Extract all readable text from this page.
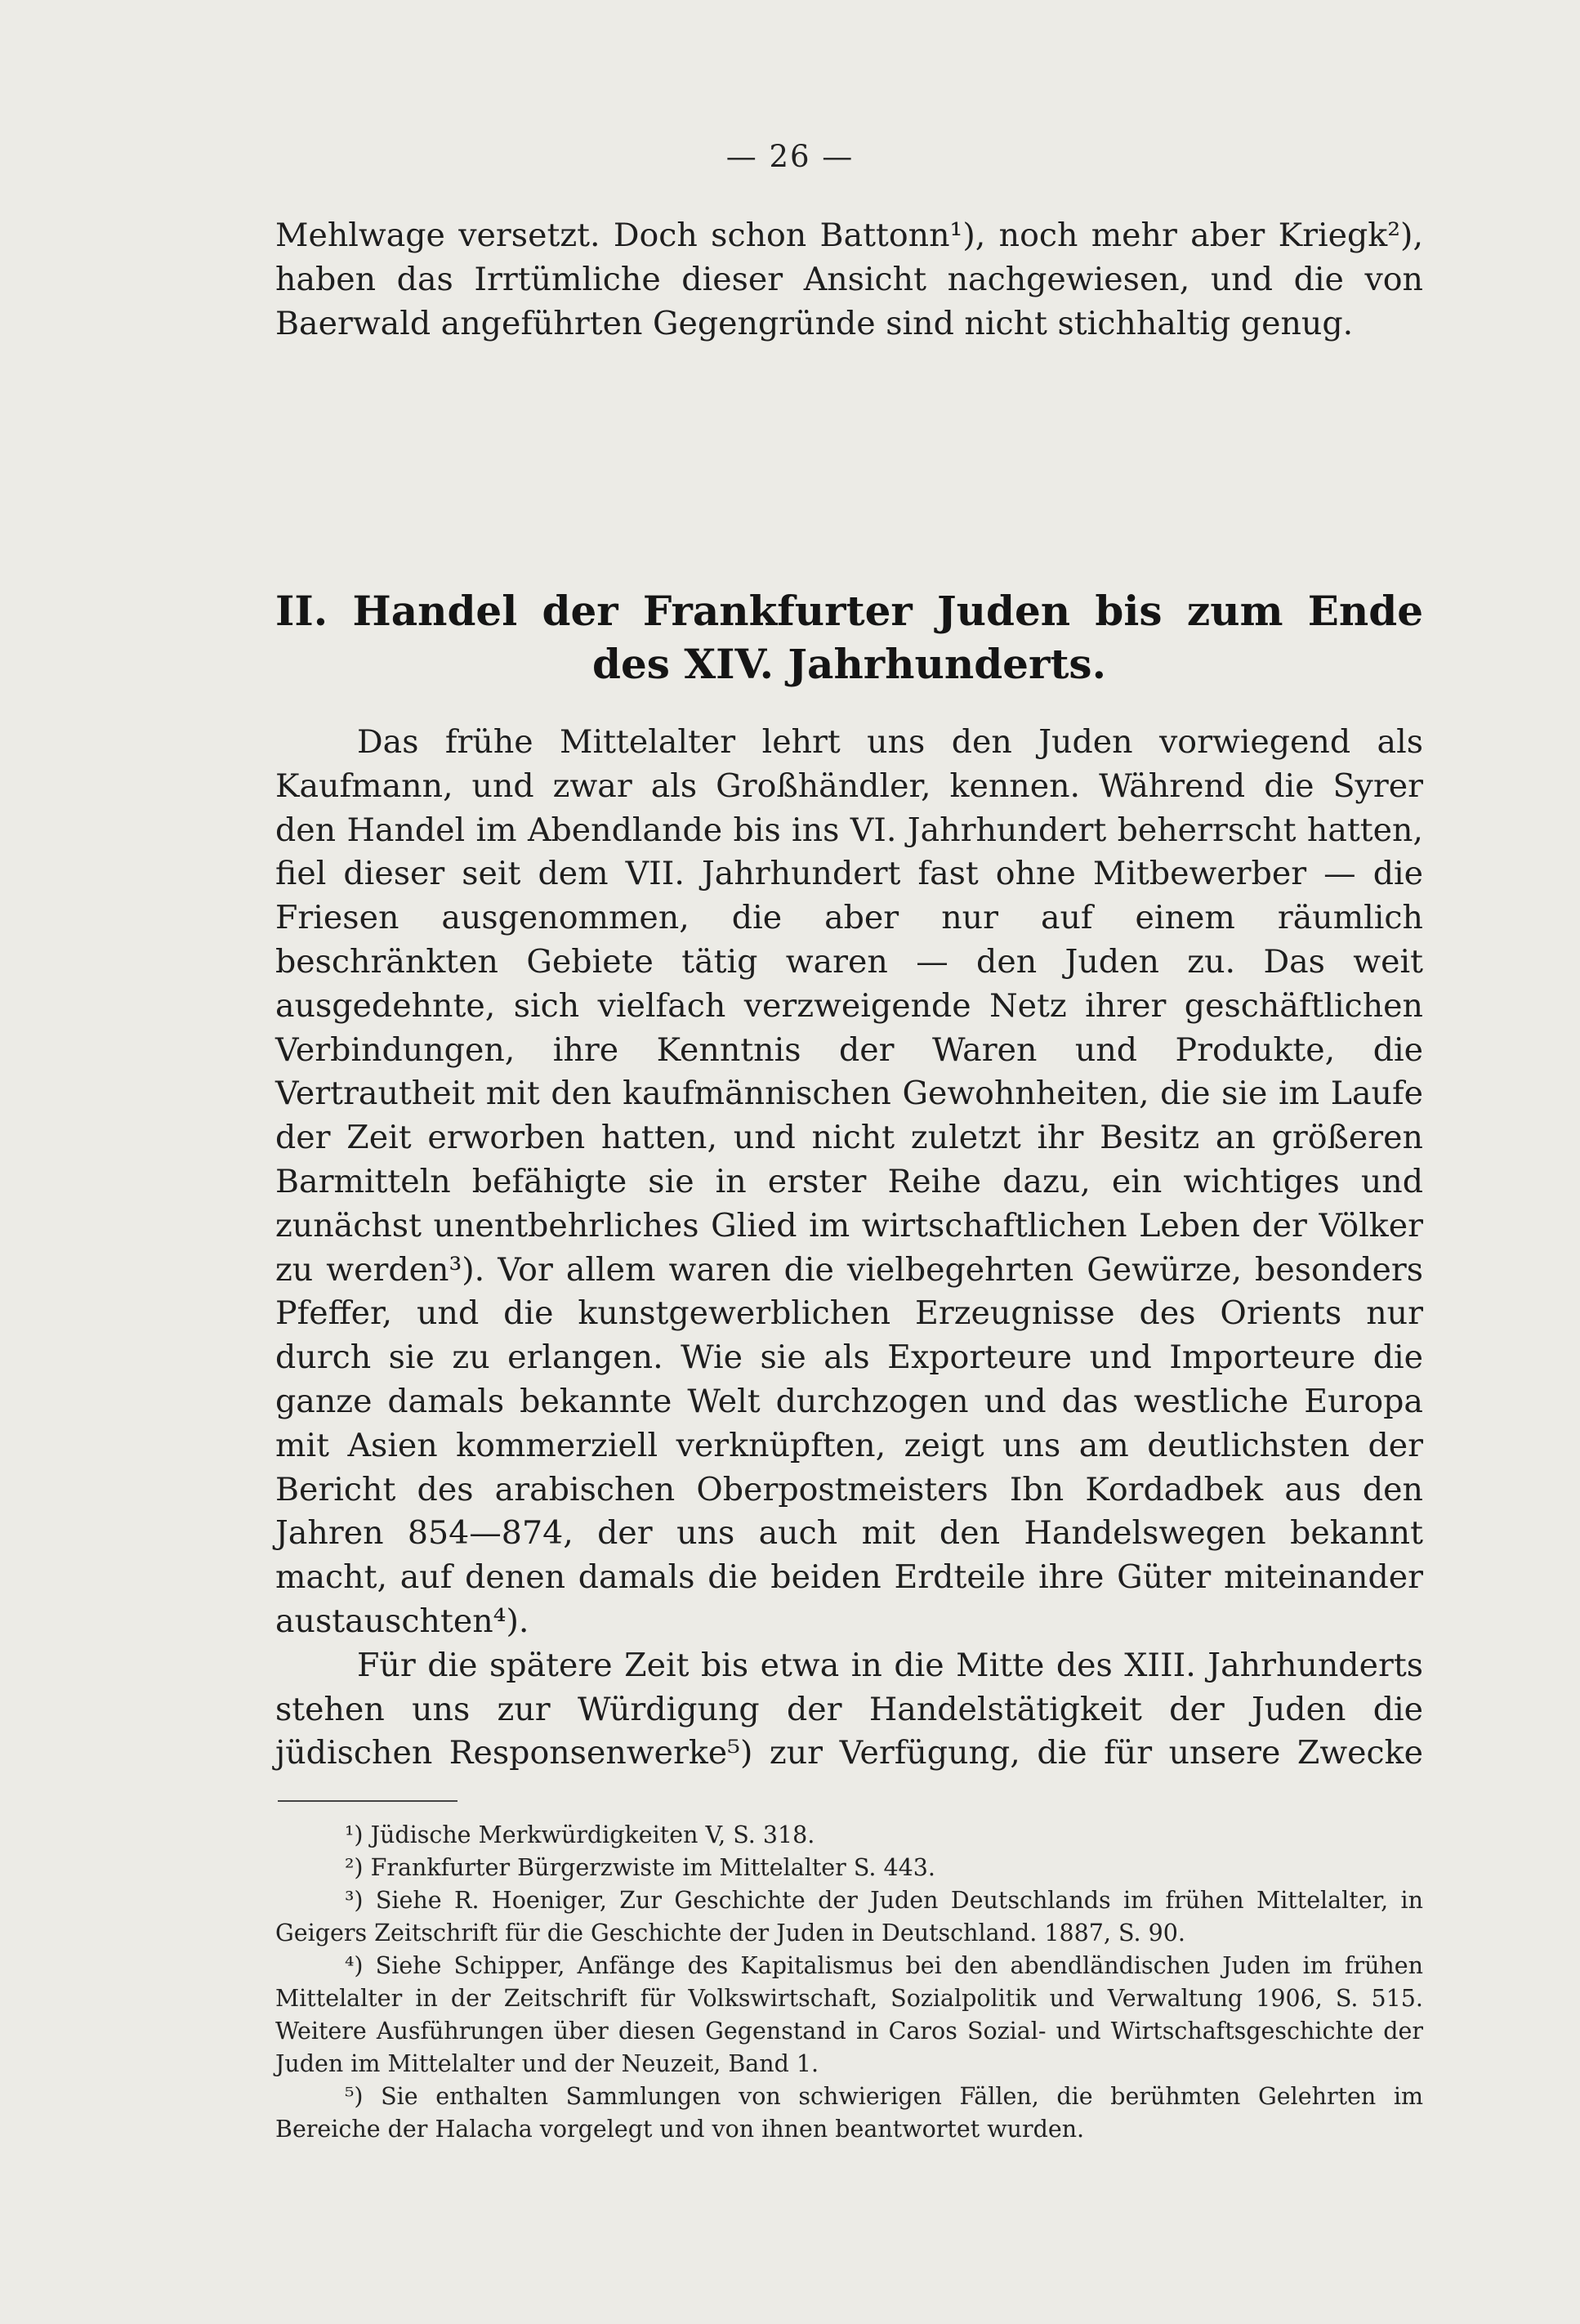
— 26 —

Mehlwage versetzt. Doch schon Battonn¹), noch mehr aber Kriegk²), haben das Irrtümliche dieser Ansicht nachgewiesen, und die von Baerwald angeführten Gegengründe sind nicht stichhaltig genug.

II. Handel der Frankfurter Juden bis zum Ende
des XIV. Jahrhunderts.

Das frühe Mittelalter lehrt uns den Juden vorwiegend als Kaufmann, und zwar als Großhändler, kennen. Während die Syrer den Handel im Abendlande bis ins VI. Jahrhundert beherrscht hatten, fiel dieser seit dem VII. Jahrhundert fast ohne Mitbewerber — die Friesen ausgenommen, die aber nur auf einem räumlich beschränkten Gebiete tätig waren — den Juden zu. Das weit ausgedehnte, sich vielfach verzweigende Netz ihrer geschäftlichen Verbindungen, ihre Kenntnis der Waren und Produkte, die Vertrautheit mit den kaufmännischen Gewohnheiten, die sie im Laufe der Zeit erworben hatten, und nicht zuletzt ihr Besitz an größeren Barmitteln befähigte sie in erster Reihe dazu, ein wichtiges und zunächst unentbehrliches Glied im wirtschaftlichen Leben der Völker zu werden³). Vor allem waren die vielbegehrten Gewürze, besonders Pfeffer, und die kunstgewerblichen Erzeugnisse des Orients nur durch sie zu erlangen. Wie sie als Exporteure und Importeure die ganze damals bekannte Welt durchzogen und das westliche Europa mit Asien kommerziell verknüpften, zeigt uns am deutlichsten der Bericht des arabischen Oberpostmeisters Ibn Kordadbek aus den Jahren 854—874, der uns auch mit den Handelswegen bekannt macht, auf denen damals die beiden Erdteile ihre Güter miteinander austauschten⁴).

Für die spätere Zeit bis etwa in die Mitte des XIII. Jahrhunderts stehen uns zur Würdigung der Handelstätigkeit der Juden die jüdischen Responsenwerke⁵) zur Verfügung, die für unsere Zwecke

¹) Jüdische Merkwürdigkeiten V, S. 318.

²) Frankfurter Bürgerzwiste im Mittelalter S. 443.

³) Siehe R. Hoeniger, Zur Geschichte der Juden Deutschlands im frühen Mittelalter, in Geigers Zeitschrift für die Geschichte der Juden in Deutschland. 1887, S. 90.

⁴) Siehe Schipper, Anfänge des Kapitalismus bei den abendländischen Juden im frühen Mittelalter in der Zeitschrift für Volkswirtschaft, Sozialpolitik und Verwaltung 1906, S. 515. Weitere Ausführungen über diesen Gegenstand in Caros Sozial- und Wirtschaftsgeschichte der Juden im Mittelalter und der Neuzeit, Band 1.

⁵) Sie enthalten Sammlungen von schwierigen Fällen, die berühmten Gelehrten im Bereiche der Halacha vorgelegt und von ihnen beantwortet wurden.
